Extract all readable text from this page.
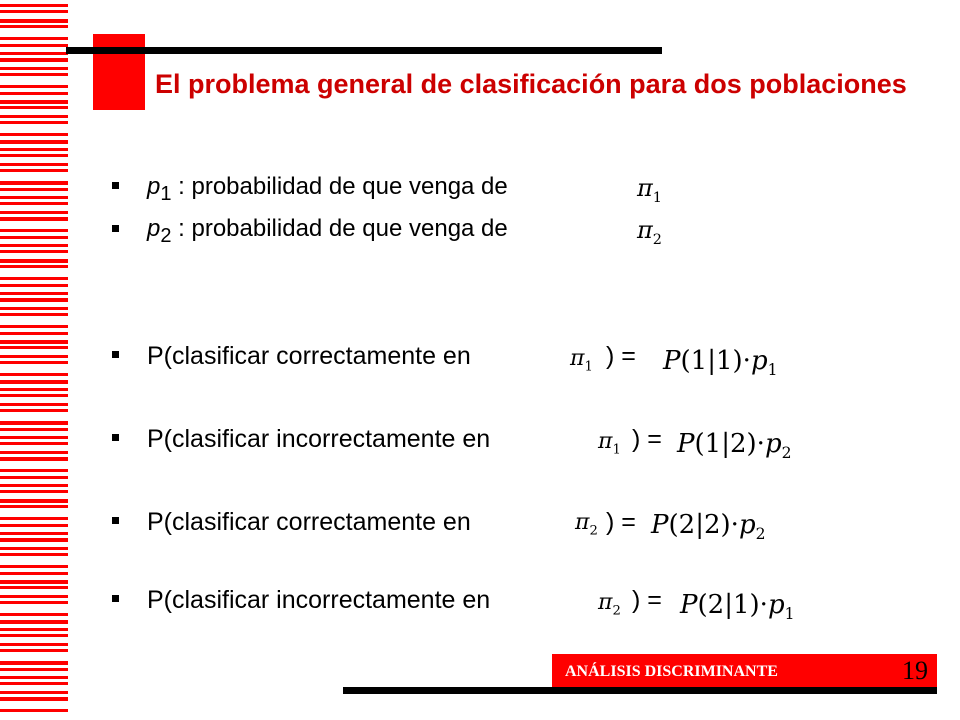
El problema general de clasificación para dos poblaciones
$p_1$ : probabilidad de que venga de	$\pi_1$
$p_2$ : probabilidad de que venga de	$\pi_2$
P(clasificar correctamente en	$\pi_1$ ) = $P(1|1)\cdot p_1$
P(clasificar incorrectamente en	$\pi_1$ ) = $P(1|2)\cdot p_2$
P(clasificar correctamente en	$\pi_2$ ) = $P(2|2)\cdot p_2$
P(clasificar incorrectamente en	$\pi_2$ ) = $P(2|1)\cdot p_1$
ANÁLISIS DISCRIMINANTE	19
